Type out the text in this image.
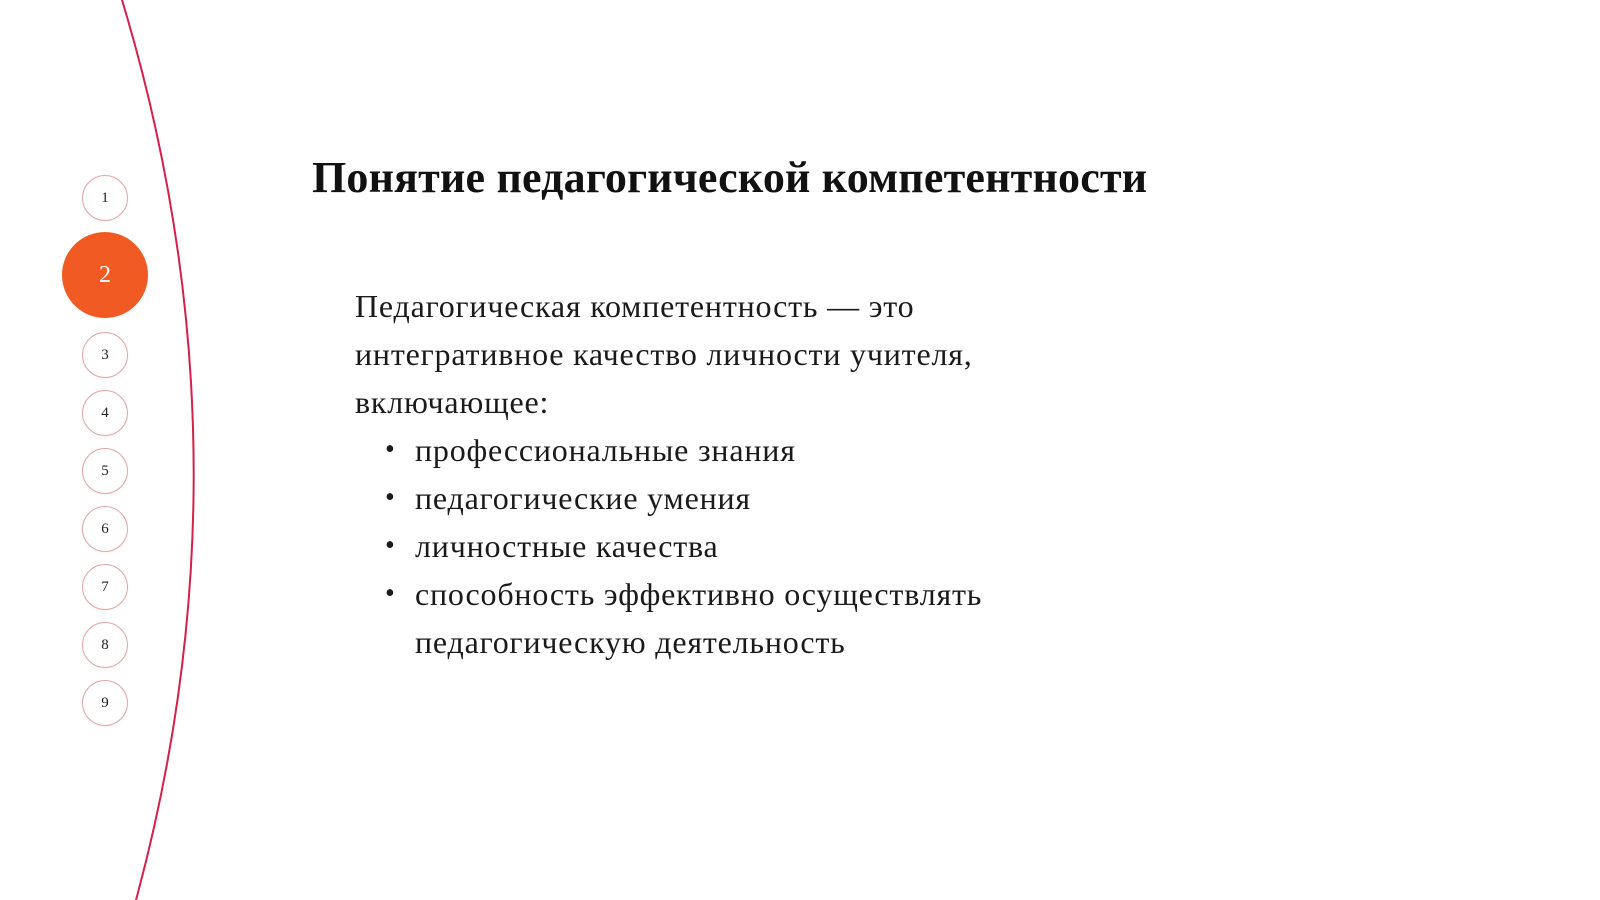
1
2
3
4
5
6
7
8
9
Понятие педагогической компетентности

Педагогическая компетентность — это интегративное качество личности учителя, включающее:

• профессиональные знания
• педагогические умения
• личностные качества
• способность эффективно осуществлять педагогическую деятельность
